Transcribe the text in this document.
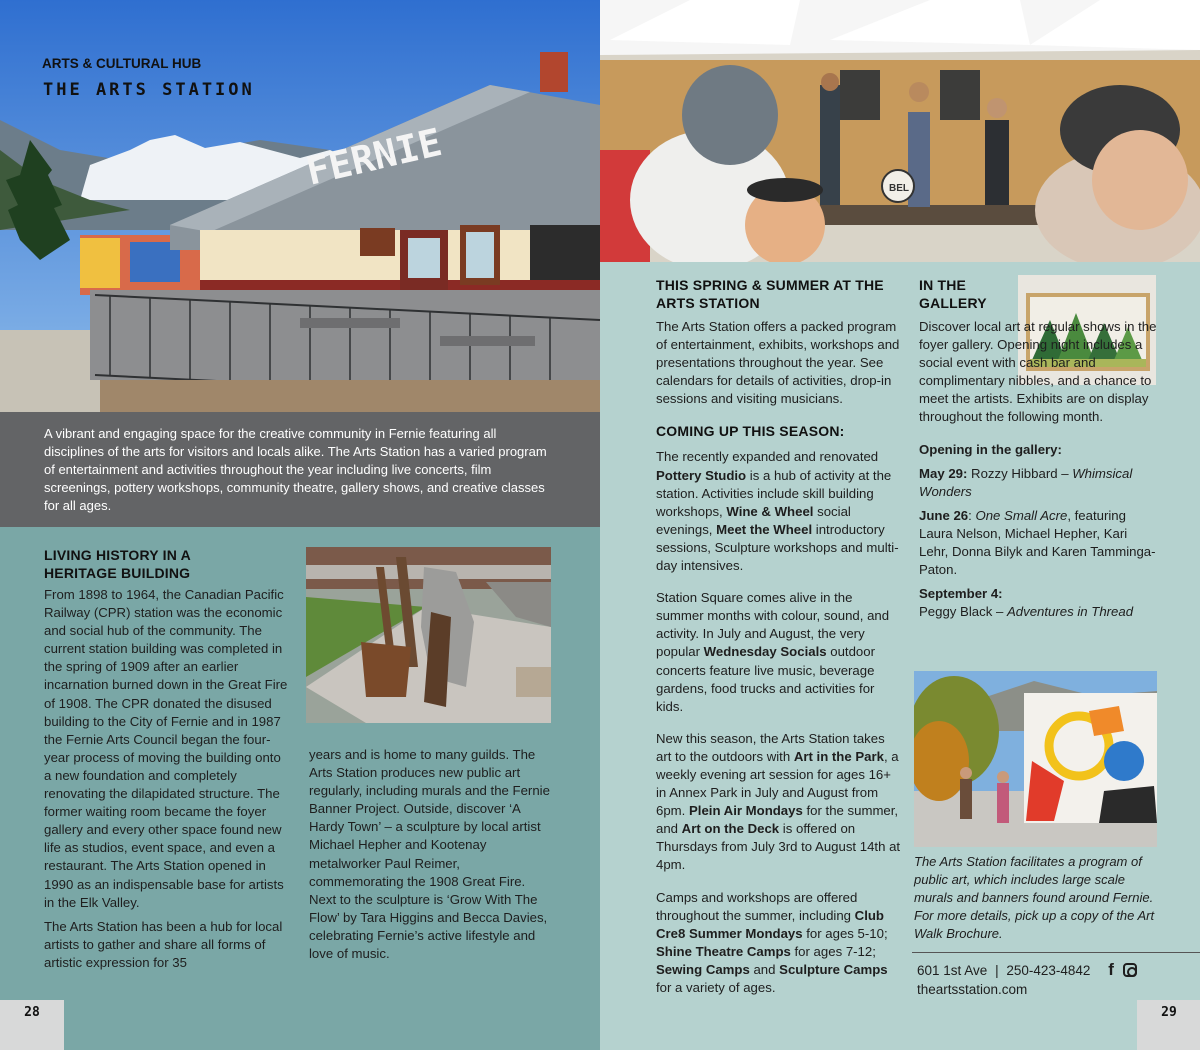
FERNIE
ARTS & CULTURAL HUB
THE ARTS STATION

A vibrant and engaging space for the creative community in Fernie featuring all disciplines of the arts for visitors and locals alike. The Arts Station has a varied program of entertainment and activities throughout the year including live concerts, film screenings, pottery workshops, community theatre, gallery shows, and creative classes for all ages.

LIVING HISTORY IN A HERITAGE BUILDING

From 1898 to 1964, the Canadian Pacific Railway (CPR) station was the economic and social hub of the community. The current station building was completed in the spring of 1909 after an earlier incarnation burned down in the Great Fire of 1908. The CPR donated the disused building to the City of Fernie and in 1987 the Fernie Arts Council began the four-year process of moving the building onto a new foundation and completely renovating the dilapidated structure. The former waiting room became the foyer gallery and every other space found new life as studios, event space, and even a restaurant. The Arts Station opened in 1990 as an indispensable base for artists in the Elk Valley.

The Arts Station has been a hub for local artists to gather and share all forms of artistic expression for 35

years and is home to many guilds. The Arts Station produces new public art regularly, including murals and the Fernie Banner Project. Outside, discover ‘A Hardy Town’ – a sculpture by local artist Michael Hepher and Kootenay metalworker Paul Reimer, commemorating the 1908 Great Fire. Next to the sculpture is ‘Grow With The Flow’ by Tara Higgins and Becca Davies, celebrating Fernie’s active lifestyle and love of music.

28
BEL
THIS SPRING & SUMMER AT THE ARTS STATION

The Arts Station offers a packed program of entertainment, exhibits, workshops and presentations throughout the year. See calendars for details of activities, drop-in sessions and visiting musicians.

COMING UP THIS SEASON:

The recently expanded and renovated Pottery Studio is a hub of activity at the station. Activities include skill building workshops, Wine & Wheel social evenings, Meet the Wheel introductory sessions, Sculpture workshops and multi-day intensives.

Station Square comes alive in the summer months with colour, sound, and activity. In July and August, the very popular Wednesday Socials outdoor concerts feature live music, beverage gardens, food trucks and activities for kids.

New this season, the Arts Station takes art to the outdoors with Art in the Park, a weekly evening art session for ages 16+ in Annex Park in July and August from 6pm. Plein Air Mondays for the summer, and Art on the Deck is offered on Thursdays from July 3rd to August 14th at 4pm.

Camps and workshops are offered throughout the summer, including Club Cre8 Summer Mondays for ages 5-10; Shine Theatre Camps for ages 7-12; Sewing Camps and Sculpture Camps for a variety of ages.

IN THE GALLERY

Discover local art at regular shows in the foyer gallery. Opening night includes a social event with cash bar and complimentary nibbles, and a chance to meet the artists. Exhibits are on display throughout the following month.

Opening in the gallery:

May 29: Rozzy Hibbard – Whimsical Wonders

June 26: One Small Acre, featuring Laura Nelson, Michael Hepher, Kari Lehr, Donna Bilyk and Karen Tamminga-Paton.

September 4:
Peggy Black – Adventures in Thread

The Arts Station facilitates a program of public art, which includes large scale murals and banners found around Fernie.
For more details, pick up a copy of the Art Walk Brochure.
601 1st Ave | 250-423-4842 f
theartsstation.com
29
